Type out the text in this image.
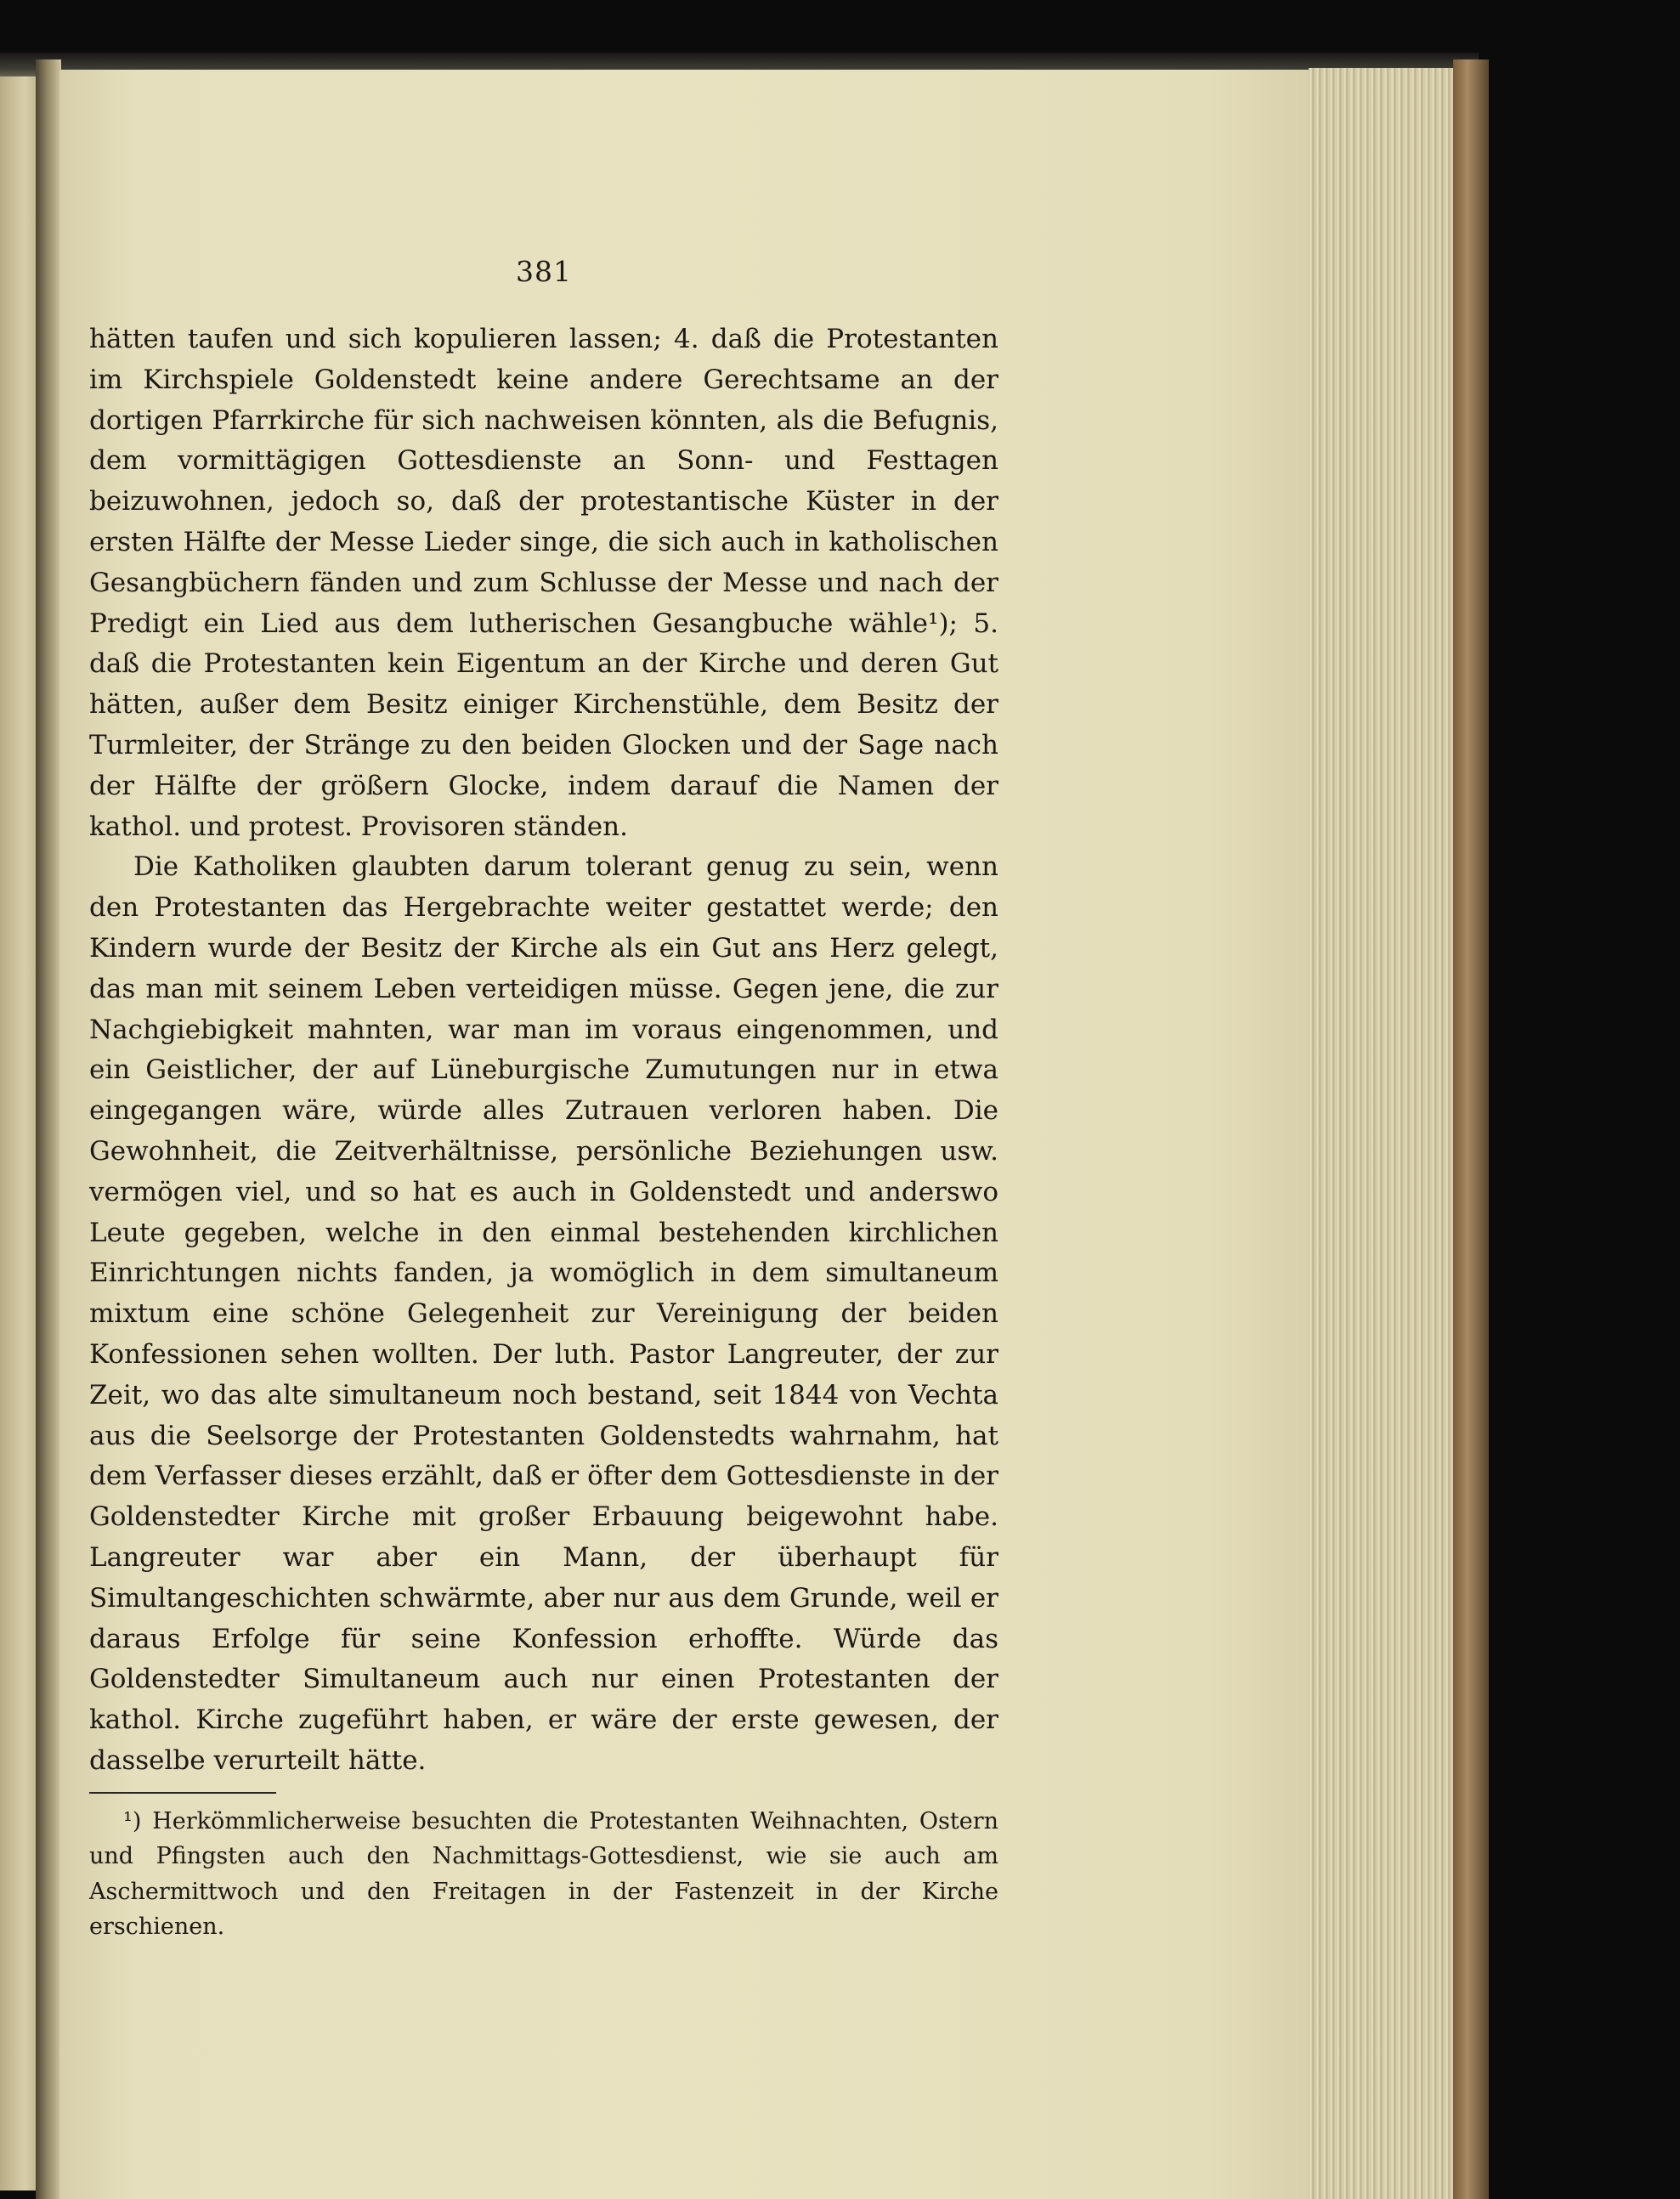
381

hätten taufen und sich kopulieren lassen; 4. daß die Protestanten im Kirchspiele Goldenstedt keine andere Gerechtsame an der dortigen Pfarrkirche für sich nachweisen könnten, als die Befugnis, dem vormittägigen Gottesdienste an Sonn- und Festtagen beizuwohnen, jedoch so, daß der protestantische Küster in der ersten Hälfte der Messe Lieder singe, die sich auch in katholischen Gesangbüchern fänden und zum Schlusse der Messe und nach der Predigt ein Lied aus dem lutherischen Gesangbuche wähle¹); 5. daß die Protestanten kein Eigentum an der Kirche und deren Gut hätten, außer dem Besitz einiger Kirchenstühle, dem Besitz der Turmleiter, der Stränge zu den beiden Glocken und der Sage nach der Hälfte der größern Glocke, indem darauf die Namen der kathol. und protest. Provisoren ständen.

Die Katholiken glaubten darum tolerant genug zu sein, wenn den Protestanten das Hergebrachte weiter gestattet werde; den Kindern wurde der Besitz der Kirche als ein Gut ans Herz gelegt, das man mit seinem Leben verteidigen müsse. Gegen jene, die zur Nachgiebigkeit mahnten, war man im voraus eingenommen, und ein Geistlicher, der auf Lüneburgische Zumutungen nur in etwa eingegangen wäre, würde alles Zutrauen verloren haben. Die Gewohnheit, die Zeitverhältnisse, persönliche Beziehungen usw. vermögen viel, und so hat es auch in Goldenstedt und anderswo Leute gegeben, welche in den einmal bestehenden kirchlichen Einrichtungen nichts fanden, ja womöglich in dem simultaneum mixtum eine schöne Gelegenheit zur Vereinigung der beiden Konfessionen sehen wollten. Der luth. Pastor Langreuter, der zur Zeit, wo das alte simultaneum noch bestand, seit 1844 von Vechta aus die Seelsorge der Protestanten Goldenstedts wahrnahm, hat dem Verfasser dieses erzählt, daß er öfter dem Gottesdienste in der Goldenstedter Kirche mit großer Erbauung beigewohnt habe. Langreuter war aber ein Mann, der überhaupt für Simultangeschichten schwärmte, aber nur aus dem Grunde, weil er daraus Erfolge für seine Konfession erhoffte. Würde das Goldenstedter Simultaneum auch nur einen Protestanten der kathol. Kirche zugeführt haben, er wäre der erste gewesen, der dasselbe verurteilt hätte.

¹) Herkömmlicherweise besuchten die Protestanten Weihnachten, Ostern und Pfingsten auch den Nachmittags-Gottesdienst, wie sie auch am Aschermittwoch und den Freitagen in der Fastenzeit in der Kirche erschienen.
